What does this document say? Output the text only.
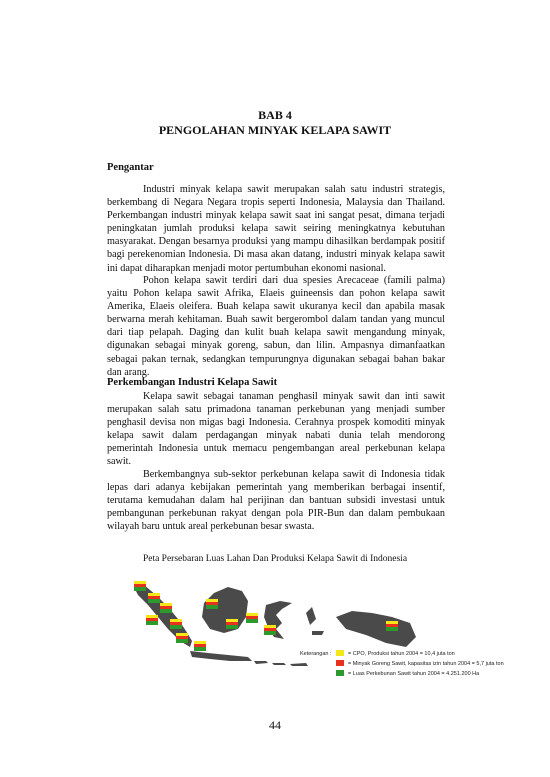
BAB 4
PENGOLAHAN MINYAK KELAPA SAWIT
Pengantar

Industri minyak kelapa sawit merupakan salah satu industri strategis, berkembang di Negara Negara tropis seperti Indonesia, Malaysia dan Thailand. Perkembangan industri minyak kelapa sawit saat ini sangat pesat, dimana terjadi peningkatan jumlah produksi kelapa sawit seiring meningkatnya kebutuhan masyarakat. Dengan besarnya produksi yang mampu dihasilkan berdampak positif bagi perekenomian Indonesia. Di masa akan datang, industri minyak kelapa sawit ini dapat diharapkan menjadi motor pertumbuhan ekonomi nasional.

Pohon kelapa sawit terdiri dari dua spesies Arecaceae (famili palma) yaitu Pohon kelapa sawit Afrika, Elaeis guineensis dan pohon kelapa sawit Amerika, Elaeis oleifera. Buah kelapa sawit ukuranya kecil dan apabila masak berwarna merah kehitaman. Buah sawit bergerombol dalam tandan yang muncul dari tiap pelapah. Daging dan kulit buah kelapa sawit mengandung minyak, digunakan sebagai minyak goreng, sabun, dan lilin. Ampasnya dimanfaatkan sebagai pakan ternak, sedangkan tempurungnya digunakan sebagai bahan bakar dan arang.

Perkembangan Industri Kelapa Sawit

Kelapa sawit sebagai tanaman penghasil minyak sawit dan inti sawit merupakan salah satu primadona tanaman perkebunan yang menjadi sumber penghasil devisa non migas bagi Indonesia. Cerahnya prospek komoditi minyak kelapa sawit dalam perdagangan minyak nabati dunia telah mendorong pemerintah Indonesia untuk memacu pengembangan areal perkebunan kelapa sawit.

Berkembangnya sub-sektor perkebunan kelapa sawit di Indonesia tidak lepas dari adanya kebijakan pemerintah yang memberikan berbagai insentif, terutama kemudahan dalam hal perijinan dan bantuan subsidi investasi untuk pembangunan perkebunan rakyat dengan pola PIR-Bun dan dalam pembukaan wilayah baru untuk areal perkebunan besar swasta.

Peta Persebaran Luas Lahan Dan Produksi Kelapa Sawit di Indonesia
Keterangan :	= CPO, Produksi tahun 2004 = 10,4 juta ton
= Minyak Goreng Sawit, kapasitas izin tahun 2004 = 5,7 juta ton
= Luas Perkebunan Sawit tahun 2004 = 4.251.200 Ha
44
